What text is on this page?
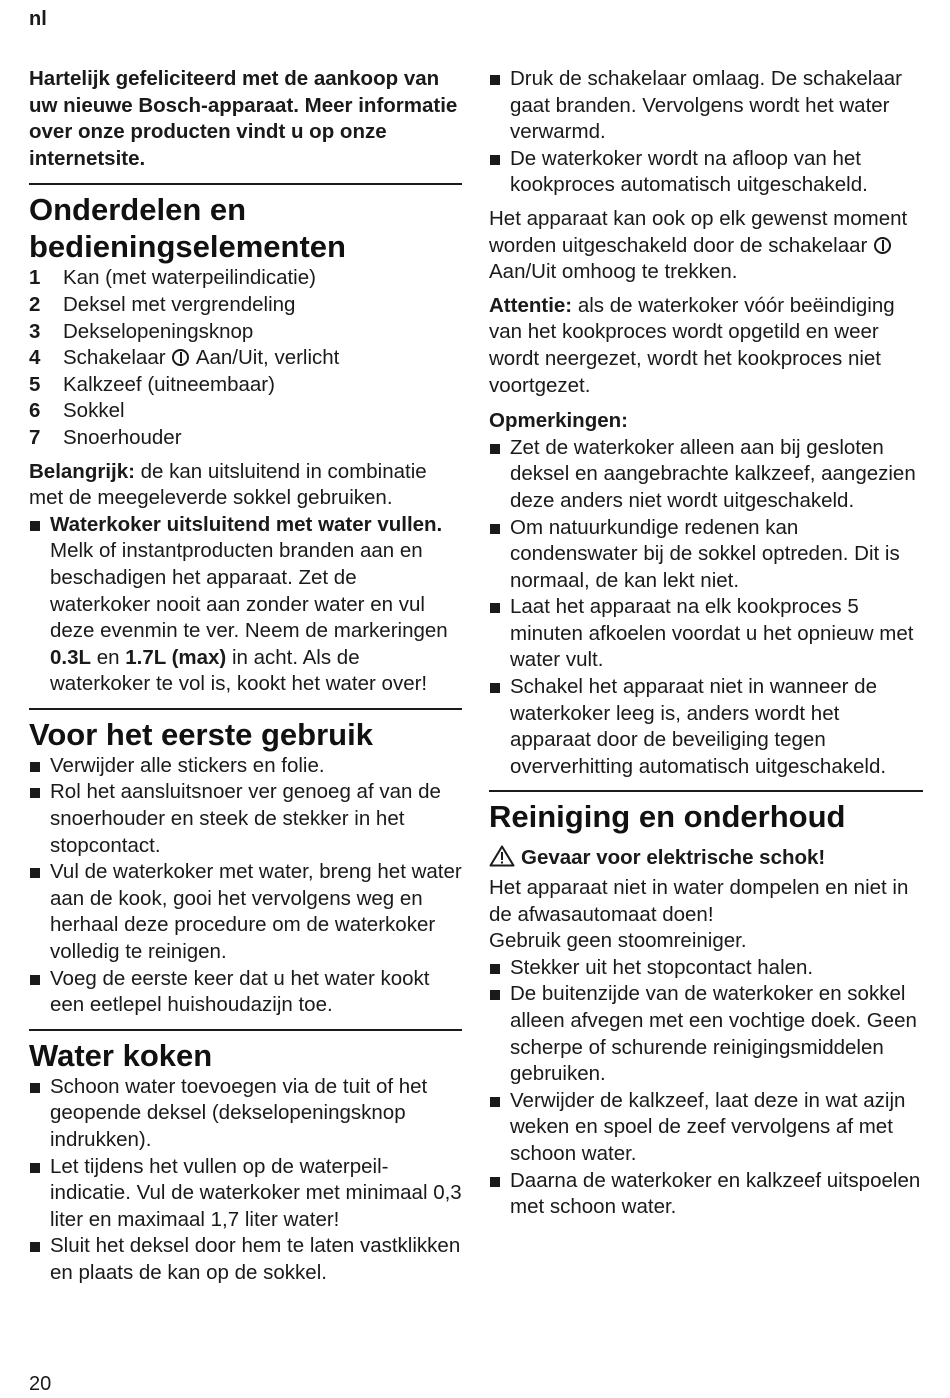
nl

Hartelijk gefeliciteerd met de aankoop van uw nieuwe Bosch-apparaat. Meer informatie over onze producten vindt u op onze internetsite.

Onderdelen en bedieningselementen
1	Kan (met waterpeilindicatie)
2	Deksel met vergrendeling
3	Dekselopeningsknop
4	Schakelaar  Aan/Uit, verlicht
5	Kalkzeef (uitneembaar)
6	Sokkel
7	Snoerhouder

Belangrijk: de kan uitsluitend in combinatie met de meegeleverde sokkel gebruiken.

Waterkoker uitsluitend met water vullen. Melk of instantproducten branden aan en beschadigen het apparaat. Zet de waterkoker nooit aan zonder water en vul deze evenmin te ver. Neem de markeringen 0.3L en 1.7L (max) in acht. Als de waterkoker te vol is, kookt het water over!
Voor het eerste gebruik
Verwijder alle stickers en folie.
Rol het aansluitsnoer ver genoeg af van de snoerhouder en steek de stekker in het stopcontact.
Vul de waterkoker met water, breng het water aan de kook, gooi het vervolgens weg en herhaal deze procedure om de waterkoker volledig te reinigen.
Voeg de eerste keer dat u het water kookt een eetlepel huishoudazijn toe.
Water koken
Schoon water toevoegen via de tuit of het geopende deksel (dekselopeningsknop indrukken).
Let tijdens het vullen op de waterpeilindicatie. Vul de waterkoker met minimaal 0,3 liter en maximaal 1,7 liter water!
Sluit het deksel door hem te laten vastklikken en plaats de kan op de sokkel.
Druk de schakelaar omlaag. De schakelaar gaat branden. Vervolgens wordt het water verwarmd.
De waterkoker wordt na afloop van het kookproces automatisch uitgeschakeld.

Het apparaat kan ook op elk gewenst moment worden uitgeschakeld door de schakelaar  Aan/Uit omhoog te trekken.

Attentie: als de waterkoker vóór beëindiging van het kookproces wordt opgetild en weer wordt neergezet, wordt het kookproces niet voortgezet.

Opmerkingen:

Zet de waterkoker alleen aan bij gesloten deksel en aangebrachte kalkzeef, aangezien deze anders niet wordt uitgeschakeld.
Om natuurkundige redenen kan condenswater bij de sokkel optreden. Dit is normaal, de kan lekt niet.
Laat het apparaat na elk kookproces 5 minuten afkoelen voordat u het opnieuw met water vult.
Schakel het apparaat niet in wanneer de waterkoker leeg is, anders wordt het apparaat door de beveiliging tegen oververhitting automatisch uitgeschakeld.
Reiniging en onderhoud

Gevaar voor elektrische schok!

Het apparaat niet in water dompelen en niet in de afwasautomaat doen!

Gebruik geen stoomreiniger.

Stekker uit het stopcontact halen.
De buitenzijde van de waterkoker en sokkel alleen afvegen met een vochtige doek. Geen scherpe of schurende reinigingsmiddelen gebruiken.
Verwijder de kalkzeef, laat deze in wat azijn weken en spoel de zeef vervolgens af met schoon water.
Daarna de waterkoker en kalkzeef uitspoelen met schoon water.
20
